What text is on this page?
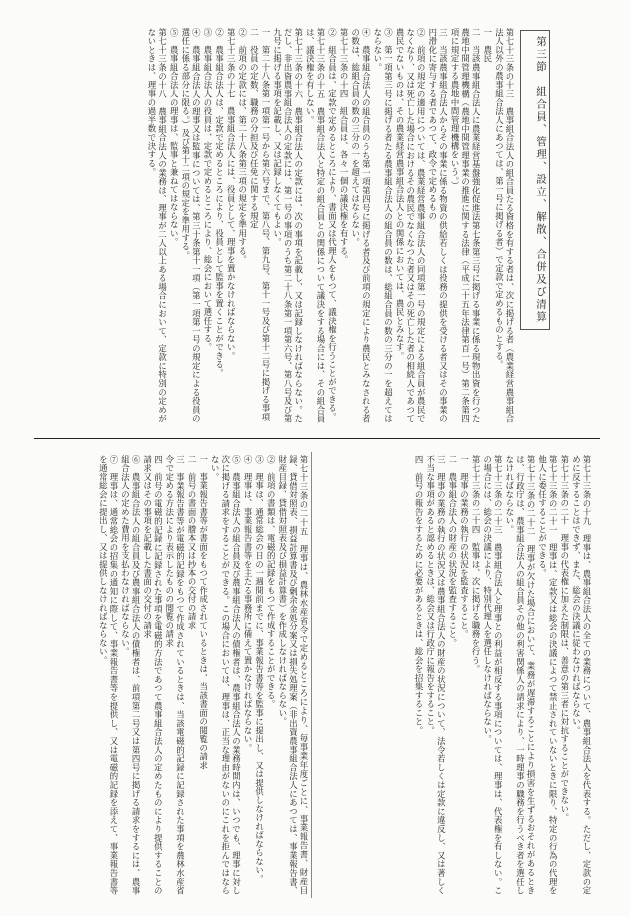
第三節　組合員、管理、設立、解散、合併及び清算
第七十三条の十三　農事組合法人の組合員たる資格を有する者は、次に掲げる者（農業経営農事組合法人以外の農事組合法人にあつては、第一号に掲げる者）で定款で定めるものとする。
一　農民
二　当該農事組合法人に農業経営基盤強化促進法第七条第三号に掲げる事業に係る現物出資を行つた農地中間管理機構（農地中間管理事業の推進に関する法律（平成二十五年法律第百一号）第二条第四項に規定する農地中間管理機構をいう。）
三　当該農事組合法人からその事業に係る物資の供給若しくは役務の提供を受ける者又はその事業の円滑化に寄与する者であつて、政令で定めるもの
②　前項の規定の適用については、農業経営農事組合法人の同項第一号の規定による組合員が農民でなくなり、又は死亡した場合におけるその農民でなくなつた者又はその死亡した者の相続人であつて農民でないものは、その農業経営農事組合法人との関係においては、農民とみなす。
③　第一項第三号に掲げる者たる農事組合法人の組合員の数は、総組合員の数の三分の一を超えてはならない。
④　農事組合法人の組合員のうち第一項第四号に掲げる者及び前項の規定により農民とみなされる者の数は、総組合員の数の三分の一を超えてはならない。
第七十三条の十四　組合員は、各々一個の議決権を有する。
②　組合員は、定款で定めるところにより、書面又は代理人をもつて、議決権を行うことができる。
第七十三条の十五　農事組合法人と特定の組合員との関係について議決をする場合には、その組合員は、議決権を有しない。
第七十三条の十六　農事組合法人の定款には、次の事項を記載し、又は記録しなければならない。ただし、非出資農事組合法人の定款には、第一号の事項のうち第二十八条第一項第六号、第八号及び第九号に掲げる事項を記載し、又は記録しなくてもよい。
一　第二十八条第一項第一号から第六号まで、第八号、第九号、第十一号及び第十二号に掲げる事項
二　役員の定数、職務の分担及び任免に関する規定
②　前項の定款には、第二十八条第三項の規定を準用する。
第七十三条の十七　農事組合法人には、役員として、理事を置かなければならない。
②　農事組合法人は、定款で定めるところにより、役員として監事を置くことができる。
③　農事組合法人の役員は、定款で定めるところにより、総会において選任する。
④　農事組合法人の理事又は監事については、第三十条第十一項（第一項第一号の規定による役員の選任に係る部分に限る。）及び第十二項の規定を準用する。
⑤　農事組合法人の理事は、監事と兼ねてはならない。
第七十三条の十八　農事組合法人の業務は、理事が二人以上ある場合において、定款に特別の定めがないときは、理事の過半数で決する。
第七十三条の十九　理事は、農事組合法人の全ての業務について、農事組合法人を代表する。ただし、定款の定めに反することはできず、また、総会の決議に従わなければならない。
第七十三条の二十　理事の代表権に加えた制限は、善意の第三者に対抗することができない。
第七十三条の二十一　理事は、定款又は総会の決議によつて禁止されていないときに限り、特定の行為の代理を他人に委任することができる。
第七十三条の二十二　理事が欠けた場合において、業務が遅滞することにより損害を生ずるおそれがあるときは、行政庁は、農事組合法人の組合員その他の利害関係人の請求により、一時理事の職務を行うべき者を選任しなければならない。
第七十三条の二十三　農事組合法人と理事との利益が相反する事項については、理事は、代表権を有しない。この場合には、総会の決議により、特別代理人を選任しなければならない。
第七十三条の二十四　監事は、次に掲げる職務を行う。
一　理事の業務の執行の状況を監査すること。
二　農事組合法人の財産の状況を監査すること。
三　理事の業務の執行の状況又は農事組合法人の財産の状況について、法令若しくは定款に違反し、又は著しく不当な事項があると認めるときは、総会又は行政庁に報告をすること。
四　前号の報告をするために必要があるときは、総会を招集すること。
第七十三条の二十五　理事は、農林水産省令で定めるところにより、毎事業年度ごとに、事業報告書、財産目録、貸借対照表、損益計算書及び剰余金処分案又は損失処理案（非出資農事組合法人にあつては、事業報告書、財産目録、貸借対照表及び損益計算書）を作成しなければならない。
②　前項の書類は、電磁的記録をもつて作成することができる。
③　理事は、通常総会の日の一週間前までに、事業報告書等を監事に提出し、又は提供しなければならない。
④　理事は、事業報告書等を主たる事務所に備えて置かなければならない。
⑤　農事組合法人の組合員及び農事組合法人の債権者は、農事組合法人の業務時間内は、いつでも、理事に対し次に掲げる請求をすることができる。この場合においては、理事は、正当な理由がないのにこれを拒んではならない。
一　事業報告書等が書面をもつて作成されているときは、当該書面の閲覧の請求
二　前号の書面の謄本又は抄本の交付の請求
三　事業報告書等が電磁的記録をもつて作成されているときは、当該電磁的記録に記録された事項を農林水産省令で定める方法により表示したものの閲覧の請求
四　前号の電磁的記録に記録された事項を電磁的方法であつて農事組合法人の定めたものにより提供することの請求又はその事項を記載した書面の交付の請求
⑥　農事組合法人の組合員及び農事組合法人の債権者は、前項第二号又は第四号に掲げる請求をするには、農事組合法人の定めた費用を支払わなければならない。
⑦　理事は、通常総会の招集の通知に際して、事業報告書等を提供し、又は電磁的記録を添えて、事業報告書等を通常総会に提出し、又は提供しなければならない。
